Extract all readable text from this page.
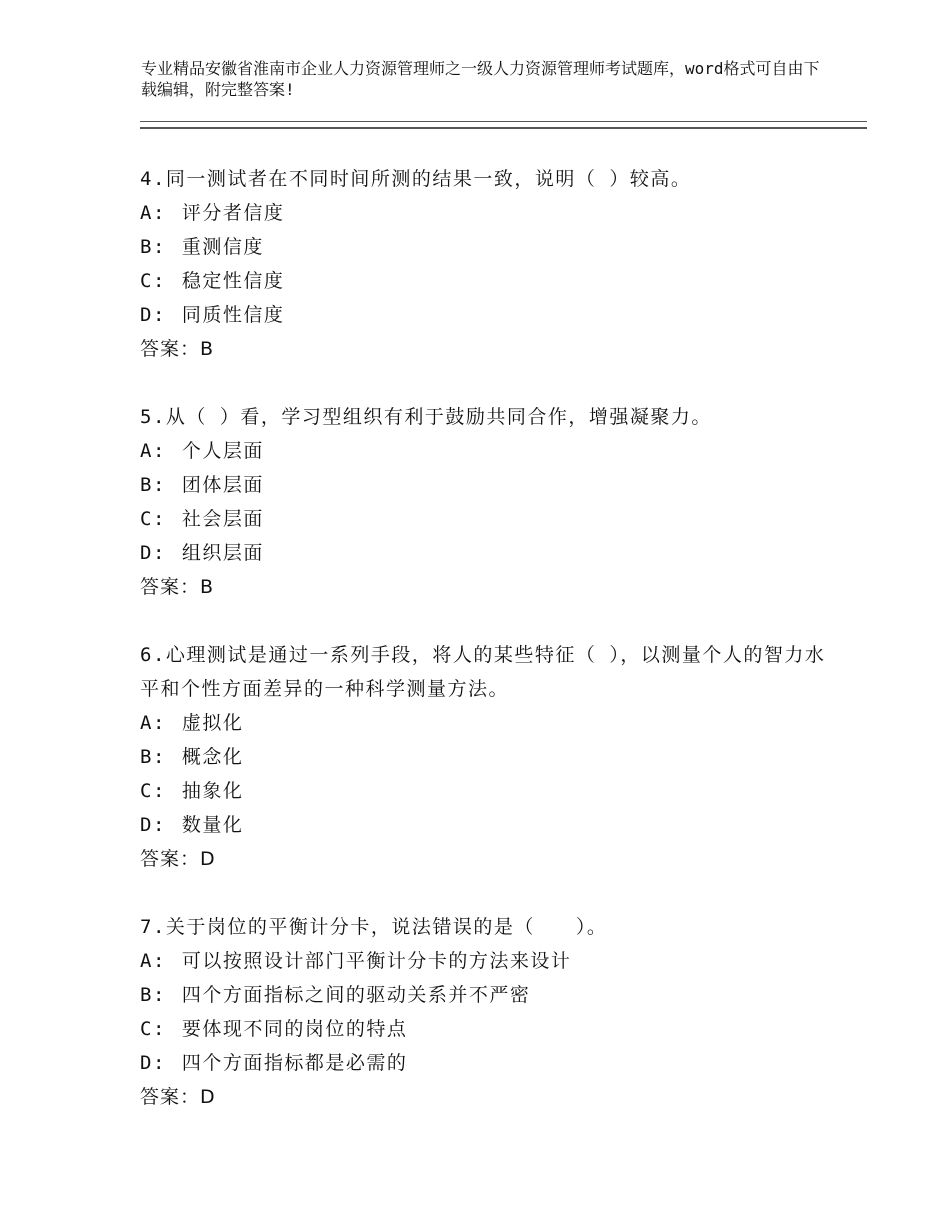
专业精品安徽省淮南市企业人力资源管理师之一级人力资源管理师考试题库，word格式可自由下载编辑，附完整答案!
4.同一测试者在不同时间所测的结果一致，说明（ ）较高。
A: 评分者信度
B: 重测信度
C: 稳定性信度
D: 同质性信度
答案：B
5.从（ ）看，学习型组织有利于鼓励共同合作，增强凝聚力。
A: 个人层面
B: 团体层面
C: 社会层面
D: 组织层面
答案：B
6.心理测试是通过一系列手段，将人的某些特征（ ），以测量个人的智力水平和个性方面差异的一种科学测量方法。
A: 虚拟化
B: 概念化
C: 抽象化
D: 数量化
答案：D
7.关于岗位的平衡计分卡，说法错误的是（　　）。
A: 可以按照设计部门平衡计分卡的方法来设计
B: 四个方面指标之间的驱动关系并不严密
C: 要体现不同的岗位的特点
D: 四个方面指标都是必需的
答案：D
